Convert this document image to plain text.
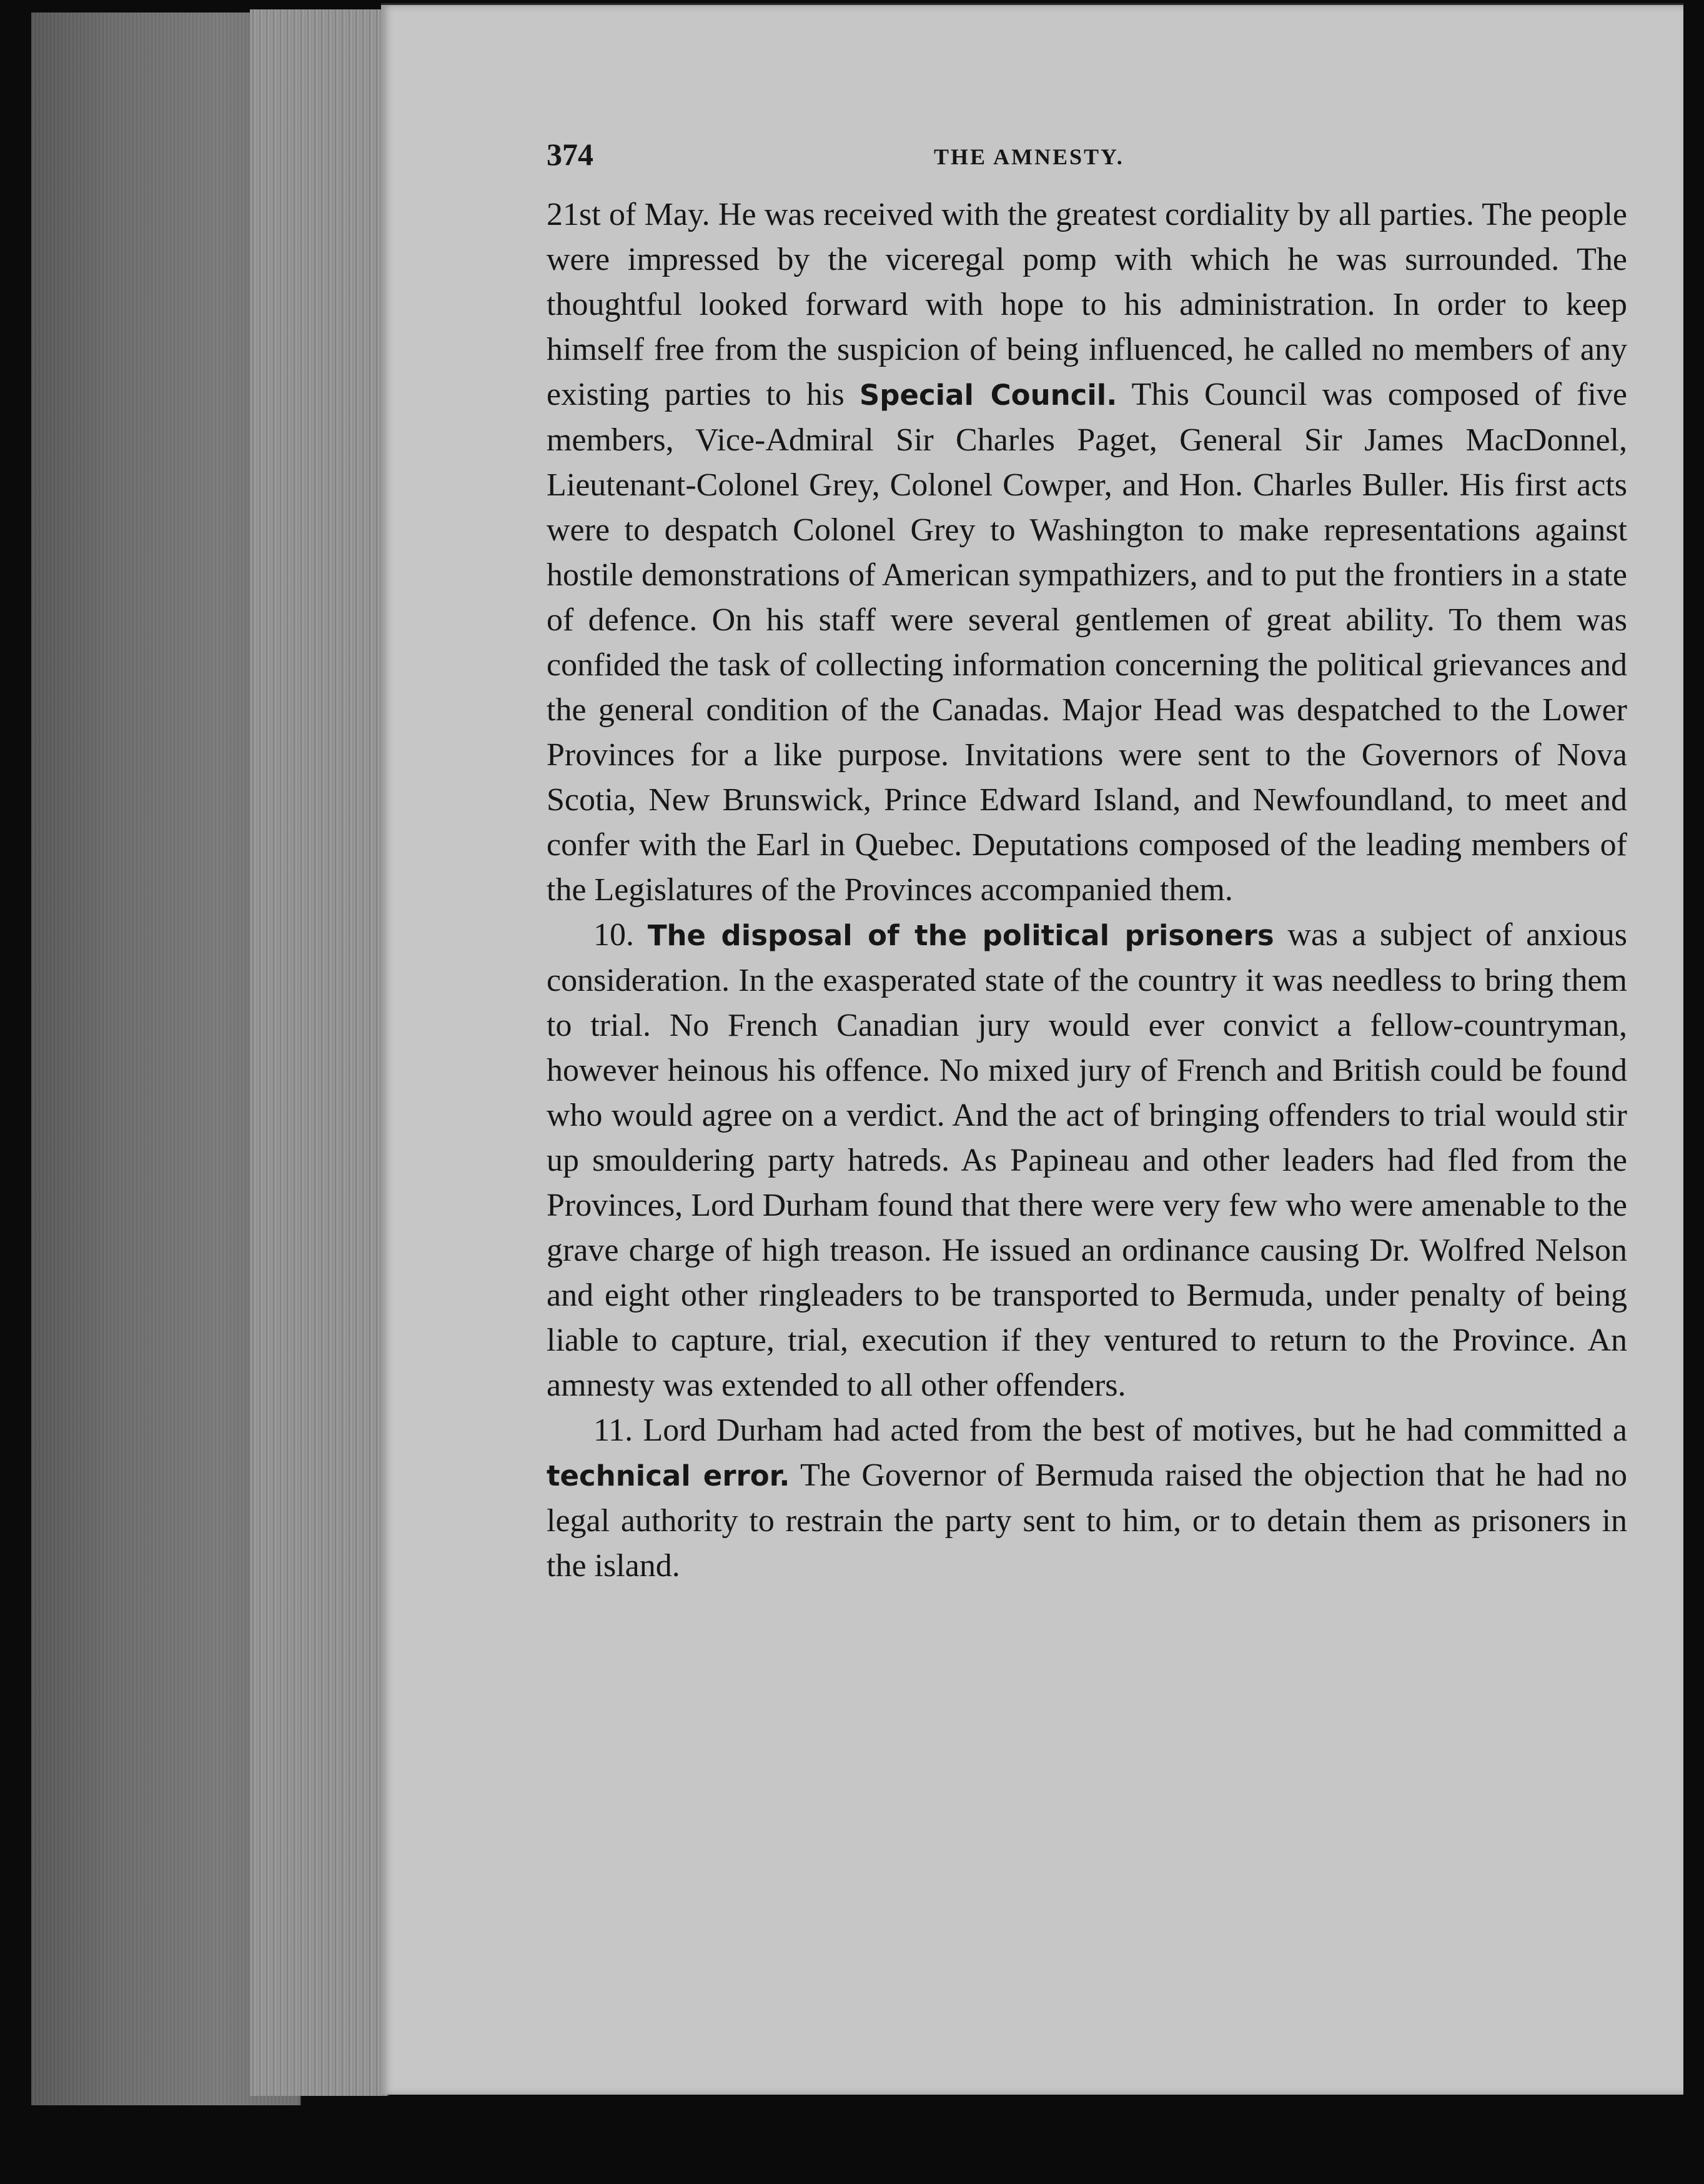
374	THE AMNESTY.

21st of May. He was received with the greatest cordiality by all parties. The people were impressed by the viceregal pomp with which he was surrounded. The thoughtful looked forward with hope to his administration. In order to keep himself free from the suspicion of being influenced, he called no members of any existing parties to his Special Council. This Council was composed of five members, Vice-Admiral Sir Charles Paget, General Sir James MacDonnel, Lieutenant-Colonel Grey, Colonel Cowper, and Hon. Charles Buller. His first acts were to despatch Colonel Grey to Washington to make representations against hostile demonstrations of American sympathizers, and to put the frontiers in a state of defence. On his staff were several gentlemen of great ability. To them was confided the task of collecting information concerning the political grievances and the general condition of the Canadas. Major Head was despatched to the Lower Provinces for a like purpose. Invitations were sent to the Governors of Nova Scotia, New Brunswick, Prince Edward Island, and Newfoundland, to meet and confer with the Earl in Quebec. Deputations composed of the leading members of the Legislatures of the Provinces accompanied them.

10. The disposal of the political prisoners was a subject of anxious consideration. In the exasperated state of the country it was needless to bring them to trial. No French Canadian jury would ever convict a fellow-countryman, however heinous his offence. No mixed jury of French and British could be found who would agree on a verdict. And the act of bringing offenders to trial would stir up smouldering party hatreds. As Papineau and other leaders had fled from the Provinces, Lord Durham found that there were very few who were amenable to the grave charge of high treason. He issued an ordinance causing Dr. Wolfred Nelson and eight other ringleaders to be transported to Bermuda, under penalty of being liable to capture, trial, execution if they ventured to return to the Province. An amnesty was extended to all other offenders.

11. Lord Durham had acted from the best of motives, but he had committed a technical error. The Governor of Bermuda raised the objection that he had no legal authority to restrain the party sent to him, or to detain them as prisoners in the island.
